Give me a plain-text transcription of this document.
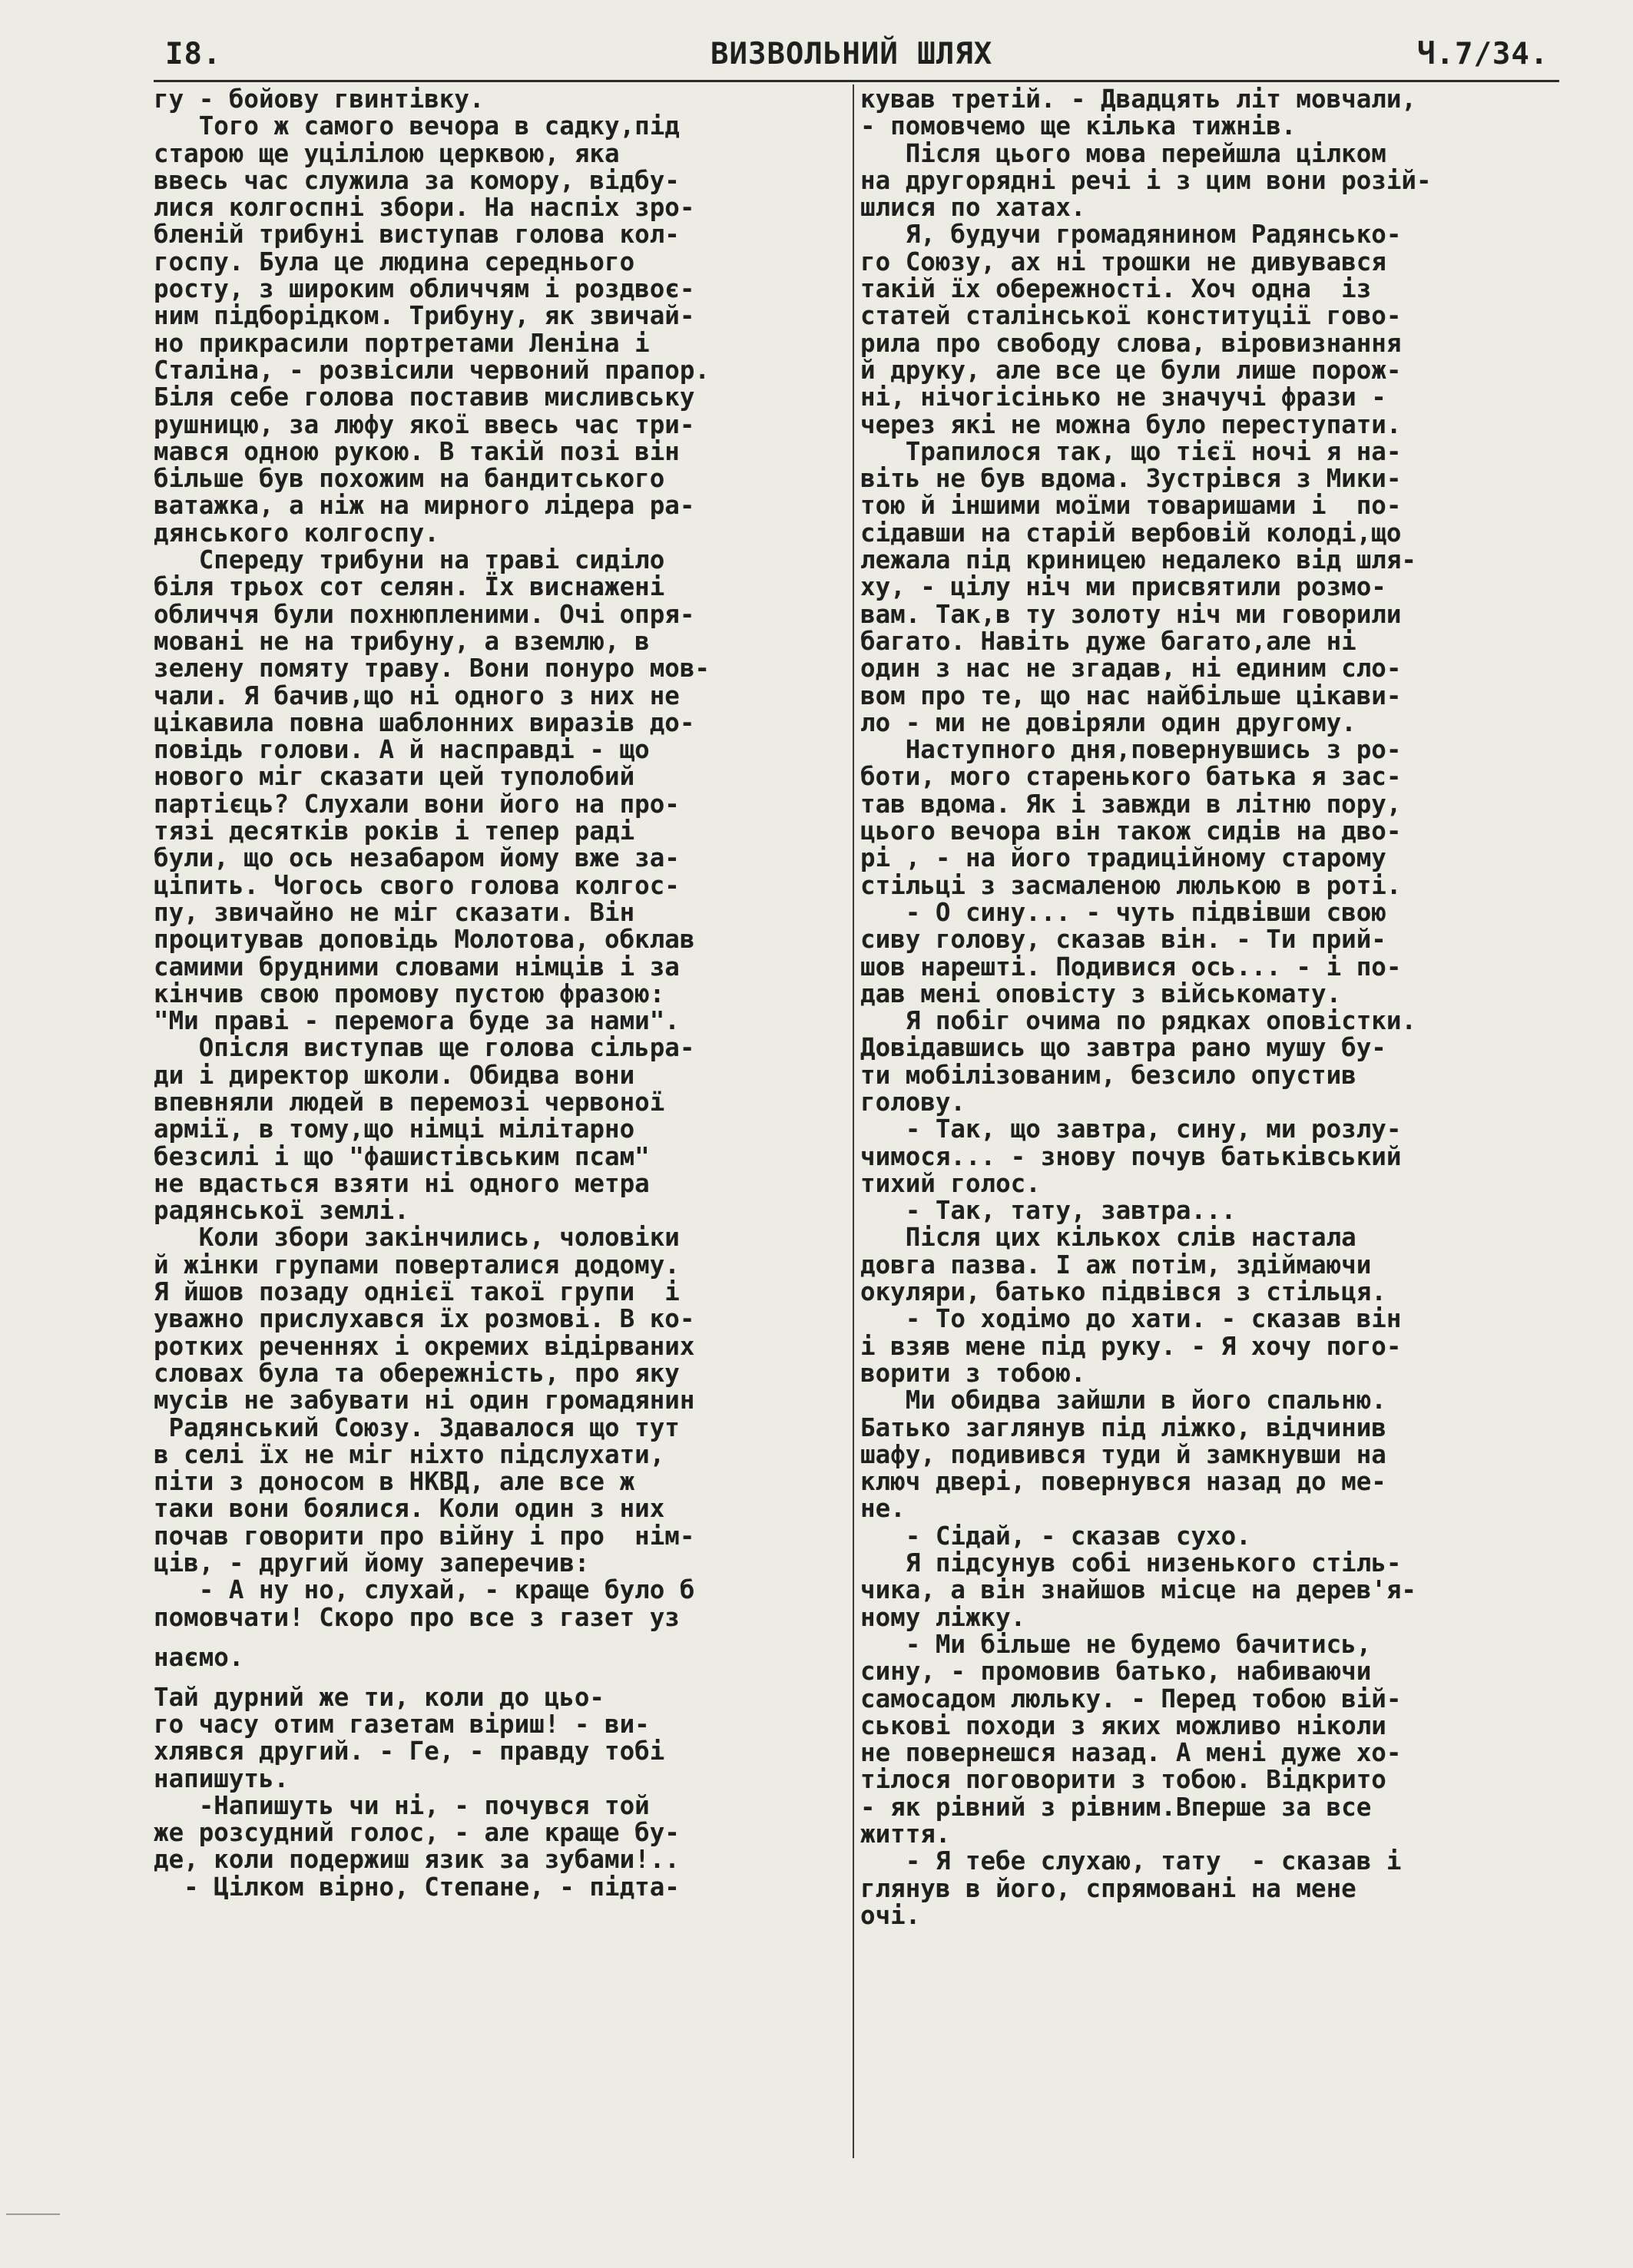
I8.	ВИЗВОЛЬНИЙ ШЛЯХ	Ч.7/34.
гу - бойову гвинтівку.
Того ж самого вечора в садку,під
старою ще уцілілою церквою, яка
ввесь час служила за комору, відбу-
лися колгоспні збори. На наспіх зро-
бленій трибуні виступав голова кол-
госпу. Була це людина середнього
росту, з широким обличчям і роздвоє-
ним підборідком. Трибуну, як звичай-
но прикрасили портретами Леніна і
Сталіна, - розвісили червоний прапор.
Біля себе голова поставив мисливську
рушницю, за люфу якої ввесь час три-
мався одною рукою. В такій позі він
більше був похожим на бандитського
ватажка, а ніж на мирного лідера ра-
дянського колгоспу.
Спереду трибуни на траві сиділо
біля трьох сот селян. Їх виснажені
обличчя були похнюпленими. Очі опря-
мовані не на трибуну, а вземлю, в
зелену помяту траву. Вони понуро мов-
чали. Я бачив,що ні одного з них не
цікавила повна шаблонних виразів до-
повідь голови. А й насправді - що
нового міг сказати цей туполобий
партієць? Слухали вони його на про-
тязі десятків років і тепер раді
були, що ось незабаром йому вже за-
ціпить. Чогось свого голова колгос-
пу, звичайно не міг сказати. Він
процитував доповідь Молотова, обклав
самими брудними словами німців і за
кінчив свою промову пустою фразою:
"Ми праві - перемога буде за нами".
Опісля виступав ще голова сільра-
ди і директор школи. Обидва вони
впевняли людей в перемозі червоної
армії, в тому,що німці мілітарно
безсилі і що "фашистівським псам"
не вдасться взяти ні одного метра
радянської землі.
Коли збори закінчились, чоловіки
й жінки групами поверталися додому.
Я йшов позаду однієї такої групи  і
уважно прислухався їх розмові. В ко-
ротких реченнях і окремих відірваних
словах була та обережність, про яку
мусів не забувати ні один громадянин
Радянський Союзу. Здавалося що тут
в селі їх не міг ніхто підслухати,
піти з доносом в НКВД, але все ж
таки вони боялися. Коли один з них
почав говорити про війну і про  нім-
ців, - другий йому заперечив:
- А ну но, слухай, - краще було б
помовчати! Скоро про все з газет уз
наємо.
Тай дурний же ти, коли до цьо-
го часу отим газетам віриш! - ви-
хлявся другий. - Ге, - правду тобі
напишуть.
-Напишуть чи ні, - почувся той
же розсудний голос, - але краще бу-
де, коли подержиш язик за зубами!..
- Цілком вірно, Степане, - підта-
кував третій. - Двадцять літ мовчали,
- помовчемо ще кілька тижнів.
Після цього мова перейшла цілком
на другорядні речі і з цим вони розій-
шлися по хатах.
Я, будучи громадянином Радянсько-
го Союзу, ах ні трошки не дивувався
такій їх обережності. Хоч одна  із
статей сталінської конституції гово-
рила про свободу слова, віровизнання
й друку, але все це були лише порож-
ні, нічогісінько не значучі фрази -
через які не можна було переступати.
Трапилося так, що тієї ночі я на-
віть не був вдома. Зустрівся з Мики-
тою й іншими моїми товаришами і  по-
сідавши на старій вербовій колоді,що
лежала під криницею недалеко від шля-
ху, - цілу ніч ми присвятили розмо-
вам. Так,в ту золоту ніч ми говорили
багато. Навіть дуже багато,але ні
один з нас не згадав, ні единим сло-
вом про те, що нас найбільше цікави-
ло - ми не довіряли один другому.
Наступного дня,повернувшись з ро-
боти, мого старенького батька я зас-
тав вдома. Як і завжди в літню пору,
цього вечора він також сидів на дво-
рі , - на його традиційному старому
стільці з засмаленою люлькою в роті.
- О сину... - чуть підвівши свою
сиву голову, сказав він. - Ти прий-
шов нарешті. Подивися ось... - і по-
дав мені оповісту з військомату.
Я побіг очима по рядках оповістки.
Довідавшись що завтра рано мушу бу-
ти мобілізованим, безсило опустив
голову.
- Так, що завтра, сину, ми розлу-
чимося... - знову почув батьківський
тихий голос.
- Так, тату, завтра...
Після цих кількох слів настала
довга пазва. І аж потім, здіймаючи
окуляри, батько підвівся з стільця.
- То ходімо до хати. - сказав він
і взяв мене під руку. - Я хочу пого-
ворити з тобою.
Ми обидва зайшли в його спальню.
Батько заглянув під ліжко, відчинив
шафу, подивився туди й замкнувши на
ключ двері, повернувся назад до ме-
не.
- Сідай, - сказав сухо.
Я підсунув собі низенького стіль-
чика, а він знайшов місце на дерев'я-
ному ліжку.
- Ми більше не будемо бачитись,
сину, - промовив батько, набиваючи
самосадом люльку. - Перед тобою вій-
ськові походи з яких можливо ніколи
не повернешся назад. А мені дуже хо-
тілося поговорити з тобою. Відкрито
- як рівний з рівним.Вперше за все
життя.
- Я тебе слухаю, тату  - сказав і
глянув в його, спрямовані на мене
очі.
